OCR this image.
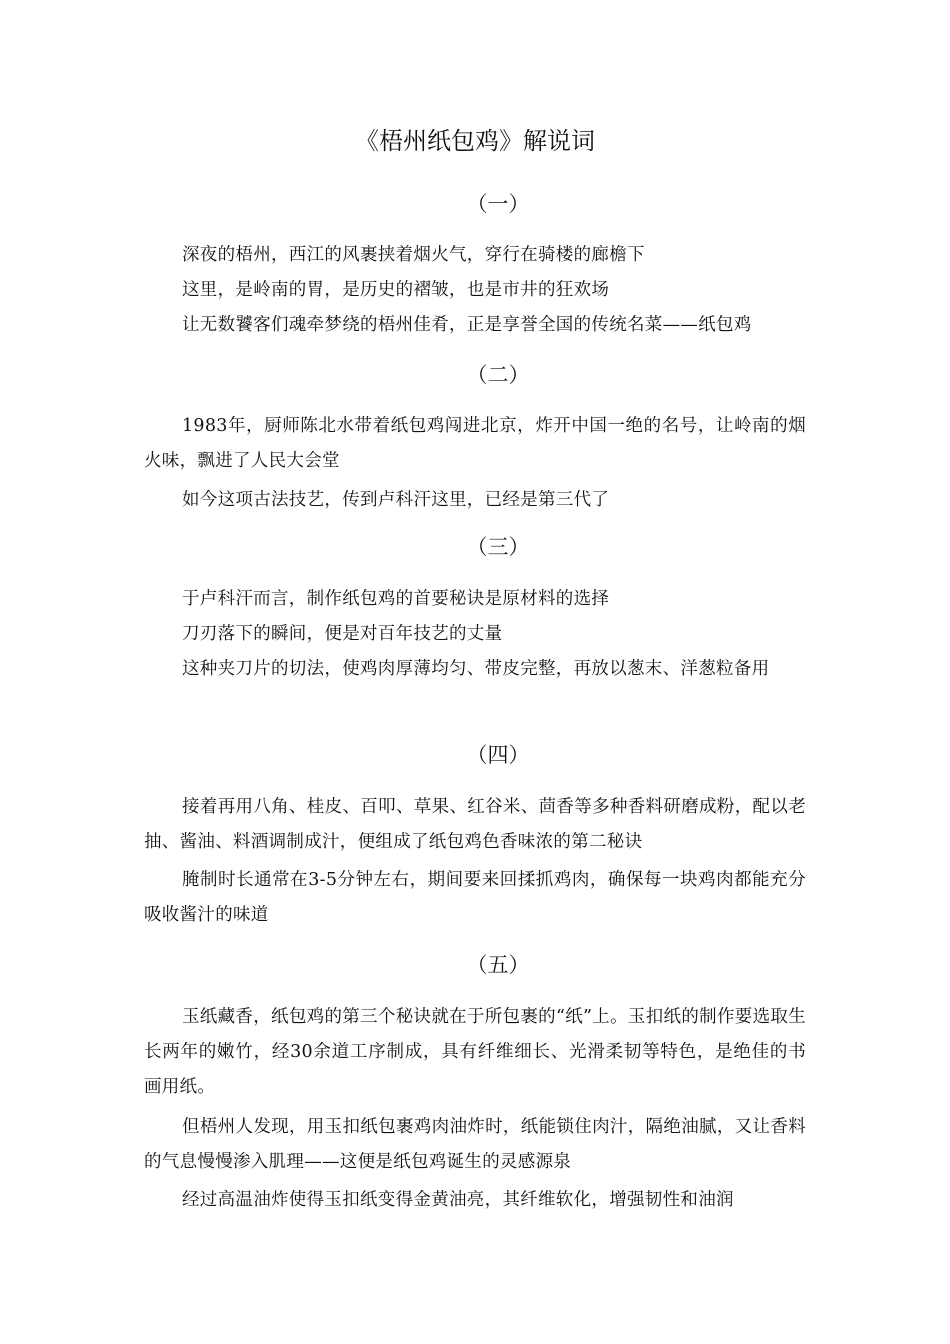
《梧州纸包鸡》解说词
（一）

深夜的梧州，西江的风裹挟着烟火气，穿行在骑楼的廊檐下

这里，是岭南的胃，是历史的褶皱，也是市井的狂欢场

让无数饕客们魂牵梦绕的梧州佳肴，正是享誉全国的传统名菜——纸包鸡

（二）

1983年，厨师陈北水带着纸包鸡闯进北京，炸开中国一绝的名号，让岭南的烟火味，飘进了人民大会堂

如今这项古法技艺，传到卢科汗这里，已经是第三代了

（三）

于卢科汗而言，制作纸包鸡的首要秘诀是原材料的选择

刀刃落下的瞬间，便是对百年技艺的丈量

这种夹刀片的切法，使鸡肉厚薄均匀、带皮完整，再放以葱末、洋葱粒备用

（四）

接着再用八角、桂皮、百叩、草果、红谷米、茴香等多种香料研磨成粉，配以老抽、酱油、料酒调制成汁，便组成了纸包鸡色香味浓的第二秘诀

腌制时长通常在3-5分钟左右，期间要来回揉抓鸡肉，确保每一块鸡肉都能充分吸收酱汁的味道

（五）

玉纸藏香，纸包鸡的第三个秘诀就在于所包裹的“纸”上。玉扣纸的制作要选取生长两年的嫩竹，经30余道工序制成，具有纤维细长、光滑柔韧等特色，是绝佳的书画用纸。

但梧州人发现，用玉扣纸包裹鸡肉油炸时，纸能锁住肉汁，隔绝油腻，又让香料的气息慢慢渗入肌理——这便是纸包鸡诞生的灵感源泉

经过高温油炸使得玉扣纸变得金黄油亮，其纤维软化，增强韧性和油润
